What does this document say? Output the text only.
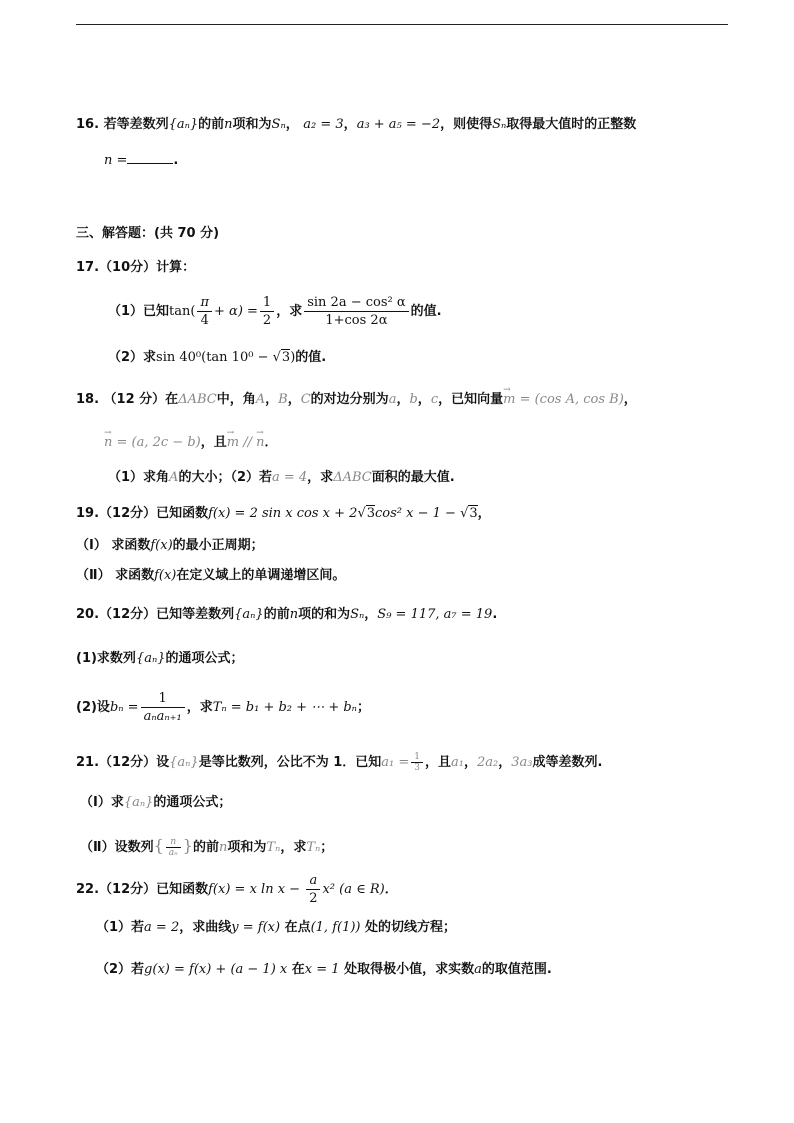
16. 若等差数列{aₙ}的前n项和为Sₙ， a₂ = 3，a₃ + a₅ = −2，则使得Sₙ取得最大值时的正整数
n =	.
三、解答题：(共 70 分)
17.（10分）计算：
（1）已知$\tan( \frac{\pi}{4} + \alpha) = \frac{1}{2}$ ，求 $\frac{\text{sin 2a − cos² α}}{1+\cos 2\alpha}$ 的值.
（2）求sin 40⁰(tan 10⁰ − √3)的值.
18. （12 分）在ΔABC中，角A，B，C的对边分别为a，b，c，已知向量→ m = (cos A, cos B)，
→ n = (a, 2c − b)，且→ m // → n．
（1）求角A的大小；（2）若a = 4，求ΔABC面积的最大值.
19.（12分）已知函数f(x) = 2 sin x cos x + 2√3cos² x − 1 − √3，
（Ⅰ） 求函数f(x)的最小正周期；
（Ⅱ） 求函数f(x)在定义域上的单调递增区间。
20.（12分）已知等差数列{aₙ}的前n项的和为Sₙ，S₉ = 117, a₇ = 19.
(1)求数列{aₙ}的通项公式；
(2)设$b_n = \frac{1}{\text{aₙaₙ₊₁}}$ ，求Tₙ = b₁ + b₂ + ⋯ + bₙ；
21.（12分）设{aₙ}是等比数列，公比不为 1．已知$a_1 = \frac{1}{3}$ ，且a₁，2a₂，3a₃成等差数列.
（Ⅰ）求{aₙ}的通项公式；
（Ⅱ）设数列{ $\frac{n}{\text{aₙ}}$ }的前n项和为Tₙ，求Tₙ；
22.（12分）已知函数f(x) = x $\ln x - \frac{a}{2} x^2$ (a ∈ R)．
（1）若a = 2，求曲线y = f(x) 在点(1, f(1)) 处的切线方程；
（2）若g(x) = f(x) + (a − 1) x 在x = 1 处取得极小值，求实数a的取值范围.
